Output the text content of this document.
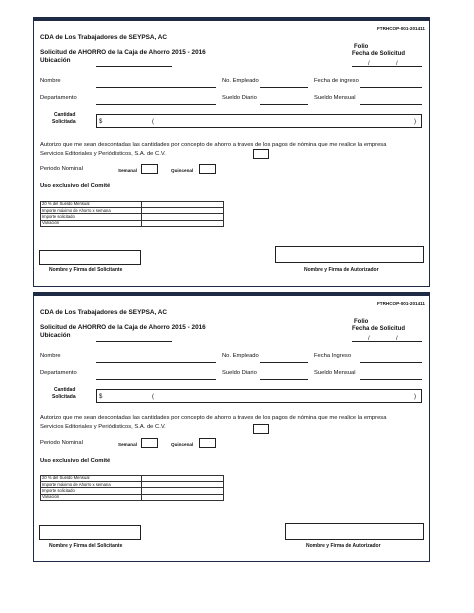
FTRHCOP-001-201411
CDA de Los Trabajadores de SEYPSA, AC
Folio
Fecha de Solicitud
Solicitud de AHORRO de la Caja de Ahorro 2015 - 2016
Ubicación	/	/
Nombre	No. Empleado	Fecha de ingreso
Departamento	Sueldo Diario	Sueldo Mensual
Cantidad
Solicitada	$	(	)
Autorizo que me sean descontadas las cantidades por concepto de ahorro a traves de los pagos de nómina que me realice la empresa Servicios Editoriales y Periódisticos, S.A. de C.V.
Periodo Nominal	Semanal	Quincenal
Uso exclusivo del Comité
20 % del Sueldo Mensual	
Importe máximo de Ahorro x semana	
Importe solicitado	
Variación	
Nombre y Firma del Solicitante	Nombre y Firma de Autorizador
FTRHCOP-001-201411
CDA de Los Trabajadores de SEYPSA, AC
Folio
Fecha de Solicitud
Solicitud de AHORRO de la Caja de Ahorro 2015 - 2016
Ubicación	/	/
Nombre	No. Empleado	Fecha Ingreso
Departamento	Sueldo Diario	Sueldo Mensual
Cantidad
Solicitada	$	(	)
Autorizo que me sean descontadas las cantidades por concepto de ahorro a traves de los pagos de nómina que me realice la empresa Servicios Editoriales y Periódisticos, S.A. de C.V.
Periodo Nominal	Semanal	Quincenal
Uso exclusivo del Comité
20 % del Sueldo Mensual	
Importe máximo de Ahorro x semana	
Importe solicitado	
Variación	
Nombre y Firma del Solicitante	Nombre y Firma de Autorizador
